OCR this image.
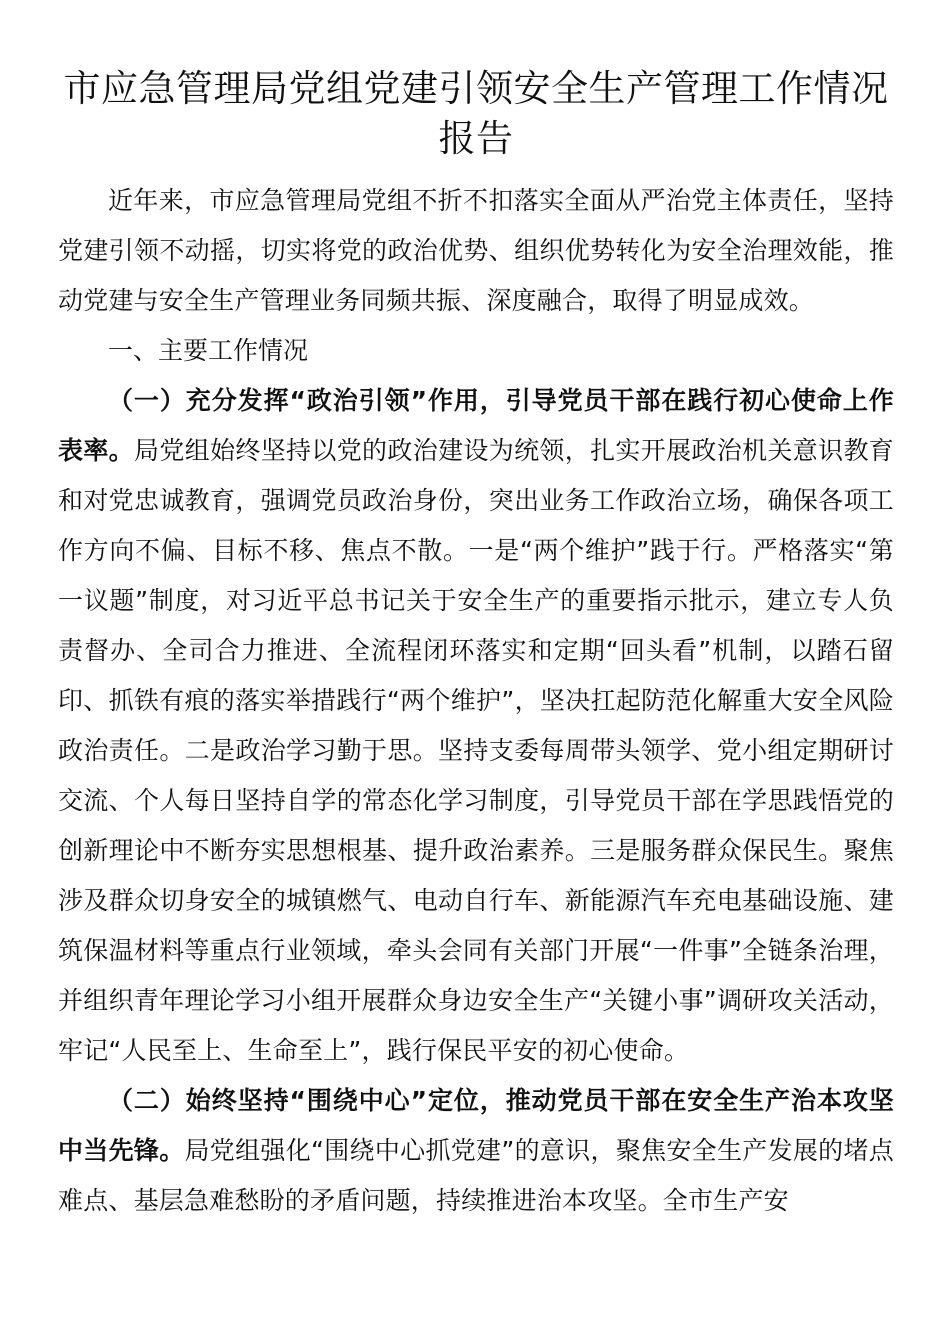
市应急管理局党组党建引领安全生产管理工作情况报告

近年来，市应急管理局党组不折不扣落实全面从严治党主体责任，坚持党建引领不动摇，切实将党的政治优势、组织优势转化为安全治理效能，推动党建与安全生产管理业务同频共振、深度融合，取得了明显成效。

一、主要工作情况

（一）充分发挥“政治引领”作用，引导党员干部在践行初心使命上作表率。局党组始终坚持以党的政治建设为统领，扎实开展政治机关意识教育和对党忠诚教育，强调党员政治身份，突出业务工作政治立场，确保各项工作方向不偏、目标不移、焦点不散。一是“两个维护”践于行。严格落实“第一议题”制度，对习近平总书记关于安全生产的重要指示批示，建立专人负责督办、全司合力推进、全流程闭环落实和定期“回头看”机制，以踏石留印、抓铁有痕的落实举措践行“两个维护”，坚决扛起防范化解重大安全风险政治责任。二是政治学习勤于思。坚持支委每周带头领学、党小组定期研讨交流、个人每日坚持自学的常态化学习制度，引导党员干部在学思践悟党的创新理论中不断夯实思想根基、提升政治素养。三是服务群众保民生。聚焦涉及群众切身安全的城镇燃气、电动自行车、新能源汽车充电基础设施、建筑保温材料等重点行业领域，牵头会同有关部门开展“一件事”全链条治理，并组织青年理论学习小组开展群众身边安全生产“关键小事”调研攻关活动，牢记“人民至上、生命至上”，践行保民平安的初心使命。

（二）始终坚持“围绕中心”定位，推动党员干部在安全生产治本攻坚中当先锋。局党组强化“围绕中心抓党建”的意识，聚焦安全生产发展的堵点难点、基层急难愁盼的矛盾问题，持续推进治本攻坚。全市生产安
